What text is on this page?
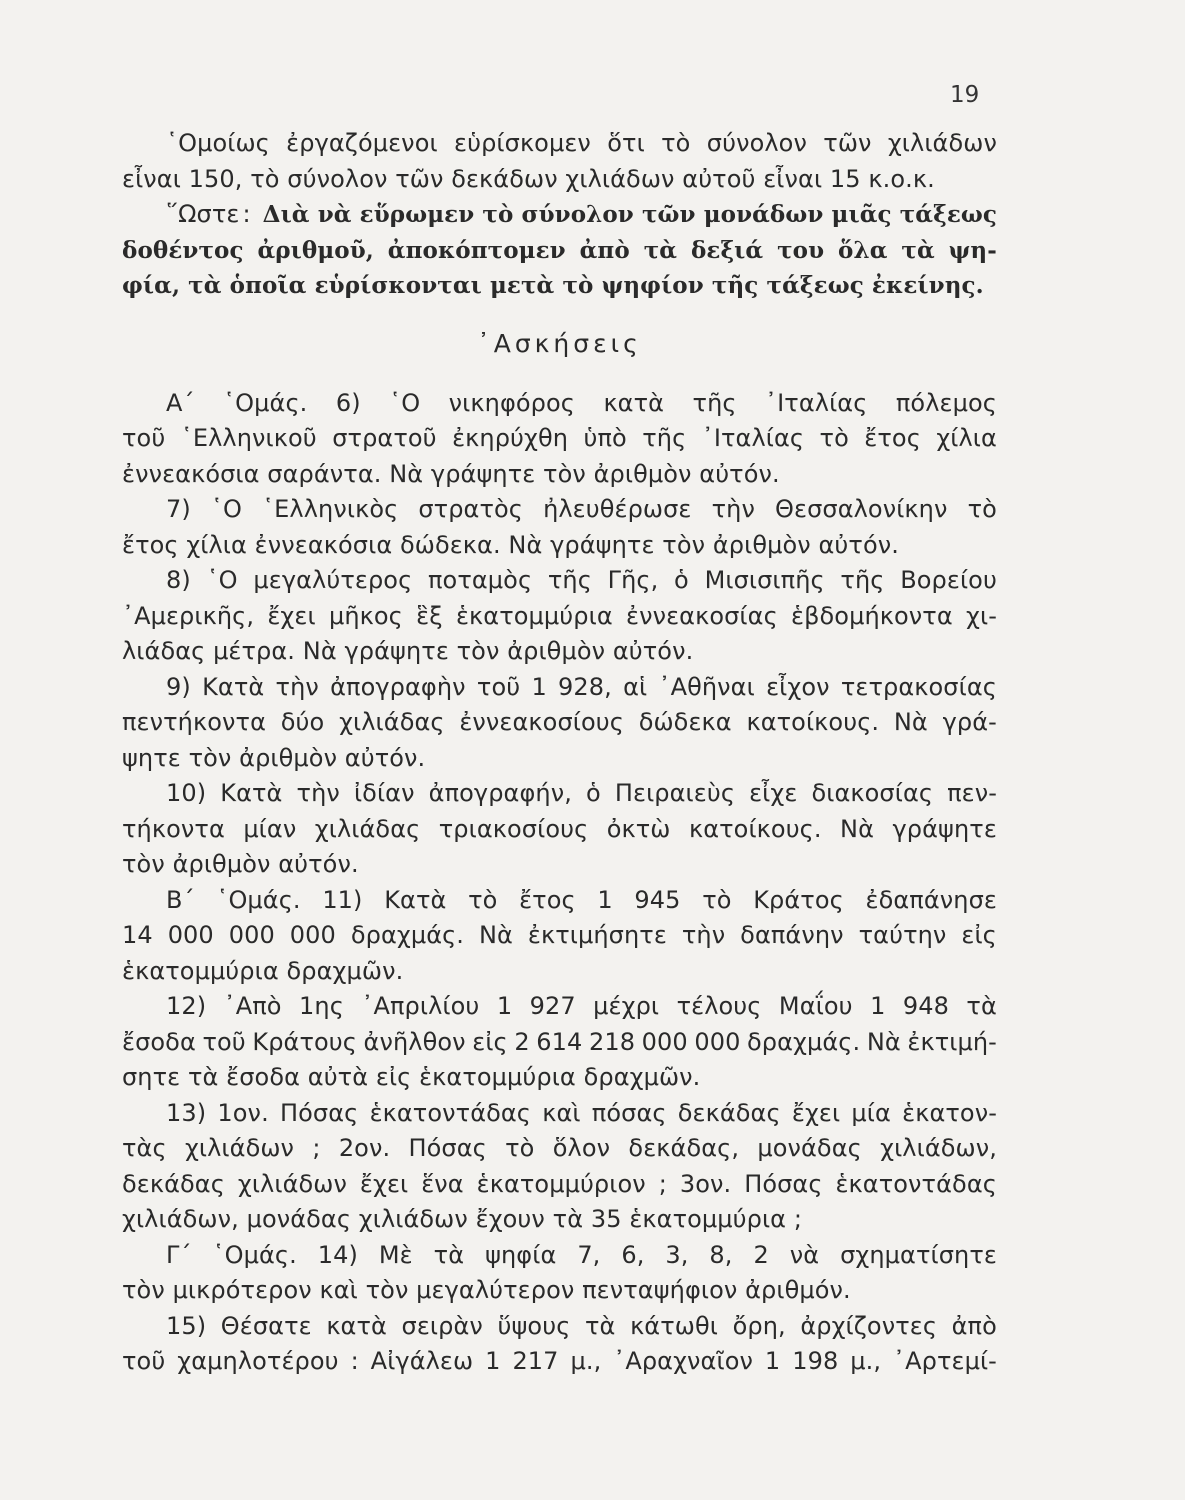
19
῾Ομοίως ἐργαζόμενοι εὑρίσκομεν ὅτι τὸ σύνολον τῶν χιλιάδων
εἶναι 150, τὸ σύνολον τῶν δεκάδων χιλιάδων αὐτοῦ εἶναι 15 κ.ο.κ.
῞Ωστε : Διὰ νὰ εὕρωμεν τὸ σύνολον τῶν μονάδων μιᾶς τάξεως
δοθέντος ἀριθμοῦ, ἀποκόπτομεν ἀπὸ τὰ δεξιά του ὅλα τὰ ψη-
φία, τὰ ὁποῖα εὑρίσκονται μετὰ τὸ ψηφίον τῆς τάξεως ἐκείνης.
᾿Ασκήσεις
Α΄ ῾Ομάς. 6) ῾Ο νικηφόρος κατὰ τῆς ᾿Ιταλίας πόλεμος
τοῦ ῾Ελληνικοῦ στρατοῦ ἐκηρύχθη ὑπὸ τῆς ᾿Ιταλίας τὸ ἔτος χίλια
ἐννεακόσια σαράντα. Νὰ γράψητε τὸν ἀριθμὸν αὐτόν.
7) ῾Ο ῾Ελληνικὸς στρατὸς ἠλευθέρωσε τὴν Θεσσαλονίκην τὸ
ἔτος χίλια ἐννεακόσια δώδεκα. Νὰ γράψητε τὸν ἀριθμὸν αὐτόν.
8) ῾Ο μεγαλύτερος ποταμὸς τῆς Γῆς, ὁ Μισισιπῆς τῆς Βορείου
᾿Αμερικῆς, ἔχει μῆκος ἓξ ἑκατομμύρια ἐννεακοσίας ἑβδομήκοντα χι-
λιάδας μέτρα. Νὰ γράψητε τὸν ἀριθμὸν αὐτόν.
9) Κατὰ τὴν ἀπογραφὴν τοῦ 1 928, αἱ ᾿Αθῆναι εἶχον τετρακοσίας
πεντήκοντα δύο χιλιάδας ἐννεακοσίους δώδεκα κατοίκους. Νὰ γρά-
ψητε τὸν ἀριθμὸν αὐτόν.
10) Κατὰ τὴν ἰδίαν ἀπογραφήν, ὁ Πειραιεὺς εἶχε διακοσίας πεν-
τήκοντα μίαν χιλιάδας τριακοσίους ὀκτὼ κατοίκους. Νὰ γράψητε
τὸν ἀριθμὸν αὐτόν.
Β΄ ῾Ομάς. 11) Κατὰ τὸ ἔτος 1 945 τὸ Κράτος ἐδαπάνησε
14 000 000 000 δραχμάς. Νὰ ἐκτιμήσητε τὴν δαπάνην ταύτην εἰς
ἑκατομμύρια δραχμῶν.
12) ᾿Απὸ 1ης ᾿Απριλίου 1 927 μέχρι τέλους Μαΐου 1 948 τὰ
ἔσοδα τοῦ Κράτους ἀνῆλθον εἰς 2 614 218 000 000 δραχμάς. Νὰ ἐκτιμή-
σητε τὰ ἔσοδα αὐτὰ εἰς ἑκατομμύρια δραχμῶν.
13) 1ον. Πόσας ἑκατοντάδας καὶ πόσας δεκάδας ἔχει μία ἑκατον-
τὰς χιλιάδων ; 2ον. Πόσας τὸ ὅλον δεκάδας, μονάδας χιλιάδων,
δεκάδας χιλιάδων ἔχει ἕνα ἑκατομμύριον ; 3ον. Πόσας ἑκατοντάδας
χιλιάδων, μονάδας χιλιάδων ἔχουν τὰ 35 ἑκατομμύρια ;
Γ΄ ῾Ομάς. 14) Μὲ τὰ ψηφία 7, 6, 3, 8, 2 νὰ σχηματίσητε
τὸν μικρότερον καὶ τὸν μεγαλύτερον πενταψήφιον ἀριθμόν.
15) Θέσατε κατὰ σειρὰν ὕψους τὰ κάτωθι ὄρη, ἀρχίζοντες ἀπὸ
τοῦ χαμηλοτέρου : Αἰγάλεω 1 217 μ., ᾿Αραχναῖον 1 198 μ., ᾿Αρτεμί-
